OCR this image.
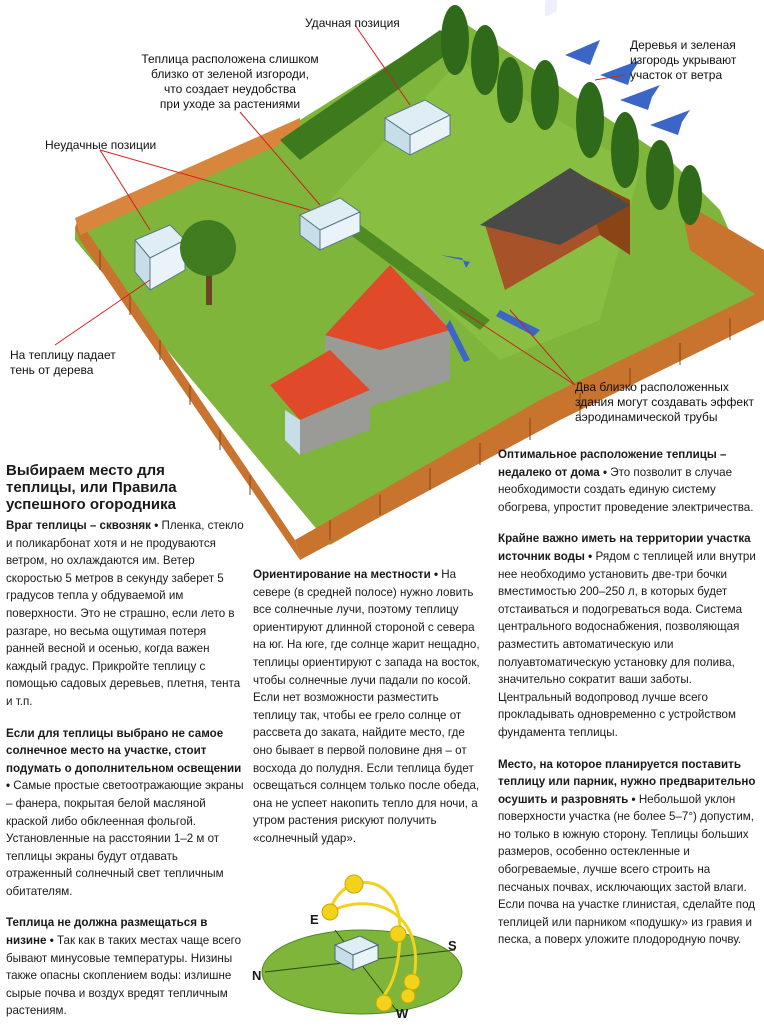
Удачная позиция
Теплица расположена слишком
близко от зеленой изгороди,
что создает неудобства
при уходе за растениями
Деревья и зеленая
изгородь укрывают
участок от ветра
Неудачные позиции
На теплицу падает
тень от дерева
Два близко расположенных
здания могут создавать эффект
аэродинамической трубы
Выбираем место для
теплицы, или Правила
успешного огородника

Враг теплицы – сквозняк • Пленка, стекло и поликарбонат хотя и не продуваются ветром, но охлаждаются им. Ветер скоростью 5 метров в секунду заберет 5 градусов тепла у обдуваемой им поверхности. Это не страшно, если лето в разгаре, но весьма ощутимая потеря ранней весной и осенью, когда важен каждый градус. Прикройте теплицу с помощью садовых деревьев, плетня, тента и т.п.

Если для теплицы выбрано не самое солнечное место на участке, стоит подумать о дополнительном освещении • Самые простые светоотражающие экраны – фанера, покрытая белой масляной краской либо обклеенная фольгой. Установленные на расстоянии 1–2 м от теплицы экраны будут отдавать отраженный солнечный свет тепличным обитателям.

Теплица не должна размещаться в низине • Так как в таких местах чаще всего бывают минусовые температуры. Низины также опасны скоплением воды: излишне сырые почва и воздух вредят тепличным растениям.

Ориентирование на местности • На севере (в средней полосе) нужно ловить все солнечные лучи, поэтому теплицу ориентируют длинной стороной с севера на юг. На юге, где солнце жарит нещадно, теплицы ориентируют с запада на восток, чтобы солнечные лучи падали по косой.

Если нет возможности разместить теплицу так, чтобы ее грело солнце от рассвета до заката, найдите место, где оно бывает в первой половине дня – от восхода до полудня. Если теплица будет освещаться солнцем только после обеда, она не успеет накопить тепло для ночи, а утром растения рискуют получить «солнечный удар».

Оптимальное расположение теплицы – недалеко от дома • Это позволит в случае необходимости создать единую систему обогрева, упростит проведение электричества.

Крайне важно иметь на территории участка источник воды • Рядом с теплицей или внутри нее необходимо установить две-три бочки вместимостью 200–250 л, в которых будет отстаиваться и подогреваться вода. Система центрального водоснабжения, позволяющая разместить автоматическую или полуавтоматическую установку для полива, значительно сократит ваши заботы. Центральный водопровод лучше всего прокладывать одновременно с устройством фундамента теплицы.

Место, на которое планируется поставить теплицу или парник, нужно предварительно осушить и разровнять • Небольшой уклон поверхности участка (не более 5–7°) допустим, но только в южную сторону. Теплицы больших размеров, особенно остекленные и обогреваемые, лучше всего строить на песчаных почвах, исключающих застой влаги. Если почва на участке глинистая, сделайте под теплицей или парником «подушку» из гравия и песка, а поверх уложите плодородную почву.

E
S
N
W
